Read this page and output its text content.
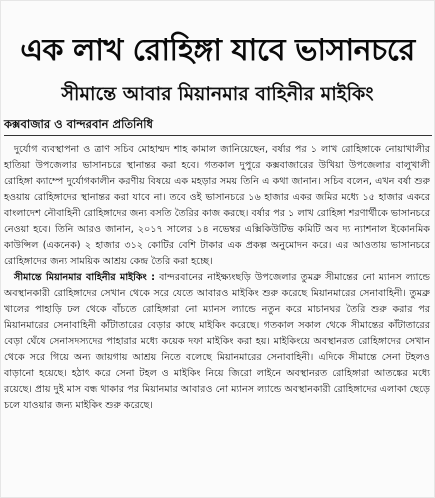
এক লাখ রোহিঙ্গা যাবে ভাসানচরে
সীমান্তে আবার মিয়ানমার বাহিনীর মাইকিং
কক্সবাজার ও বান্দরবান প্রতিনিধি

দুর্যোগ ব্যবস্থাপনা ও ত্রাণ সচিব মোহাম্মদ শাহ কামাল জানিয়েছেন, বর্ষার পর ১ লাখ রোহিঙ্গাকে নোয়াখালীর হাতিয়া উপজেলার ভাসানচরে স্থানান্তর করা হবে। গতকাল দুপুরে কক্সবাজারের উখিয়া উপজেলার বালুখালী রোহিঙ্গা ক্যাম্পে দুর্যোগকালীন করণীয় বিষয়ে এক মহড়ার সময় তিনি এ কথা জানান। সচিব বলেন, এখন বর্ষা শুরু হওয়ায় রোহিঙ্গাদের স্থানান্তর করা যাবে না। তবে ওই ভাসানচরে ১৬ হাজার একর জমির মধ্যে ১৫ হাজার একরে বাংলাদেশ নৌবাহিনী রোহিঙ্গাদের জন্য বসতি তৈরির কাজ করছে। বর্ষার পর ১ লাখ রোহিঙ্গা শরণার্থীকে ভাসানচরে নেওয়া হবে। তিনি আরও জানান, ২০১৭ সালের ১৪ নভেম্বর এক্সিকিউটিভ কমিটি অব দ্য ন্যাশনাল ইকোনমিক কাউন্সিল (একনেক) ২ হাজার ৩১২ কোটির বেশি টাকার এক প্রকল্প অনুমোদন করে। এর আওতায় ভাসানচরে রোহিঙ্গাদের জন্য সাময়িক আশ্রয় কেন্দ্র তৈরি করা হচ্ছে।

সীমান্তে মিয়ানমার বাহিনীর মাইকিং : বান্দরবানের নাইক্ষ্যংছড়ি উপজেলার তুমব্রু সীমান্তের নো ম্যানস ল্যান্ডে অবস্থানকারী রোহিঙ্গাদের সেখান থেকে সরে যেতে আবারও মাইকিং শুরু করেছে মিয়ানমারের সেনাবাহিনী। তুমব্রু খালের পাহাড়ি ঢল থেকে বাঁচতে রোহিঙ্গারা নো ম্যানস ল্যান্ডে নতুন করে মাচানঘর তৈরি শুরু করার পর মিয়ানমারের সেনাবাহিনী কাঁটাতারের বেড়ার কাছে মাইকিং করেছে। গতকাল সকাল থেকে সীমান্তের কাঁটাতারের বেড়া ঘেঁষে সেনাসদস্যদের পাহারার মধ্যে কয়েক দফা মাইকিং করা হয়। মাইকিংয়ে অবস্থানরত রোহিঙ্গাদের সেখান থেকে সরে গিয়ে অন্য জায়গায় আশ্রয় নিতে বলেছে মিয়ানমারের সেনাবাহিনী। এদিকে সীমান্তে সেনা টহলও বাড়ানো হয়েছে। হঠাৎ করে সেনা টহল ও মাইকিং নিয়ে জিরো লাইনে অবস্থানরত রোহিঙ্গারা আতঙ্কের মধ্যে রয়েছে। প্রায় দুই মাস বন্ধ থাকার পর মিয়ানমার আবারও নো ম্যানস ল্যান্ডে অবস্থানকারী রোহিঙ্গাদের এলাকা ছেড়ে চলে যাওয়ার জন্য মাইকিং শুরু করেছে।
